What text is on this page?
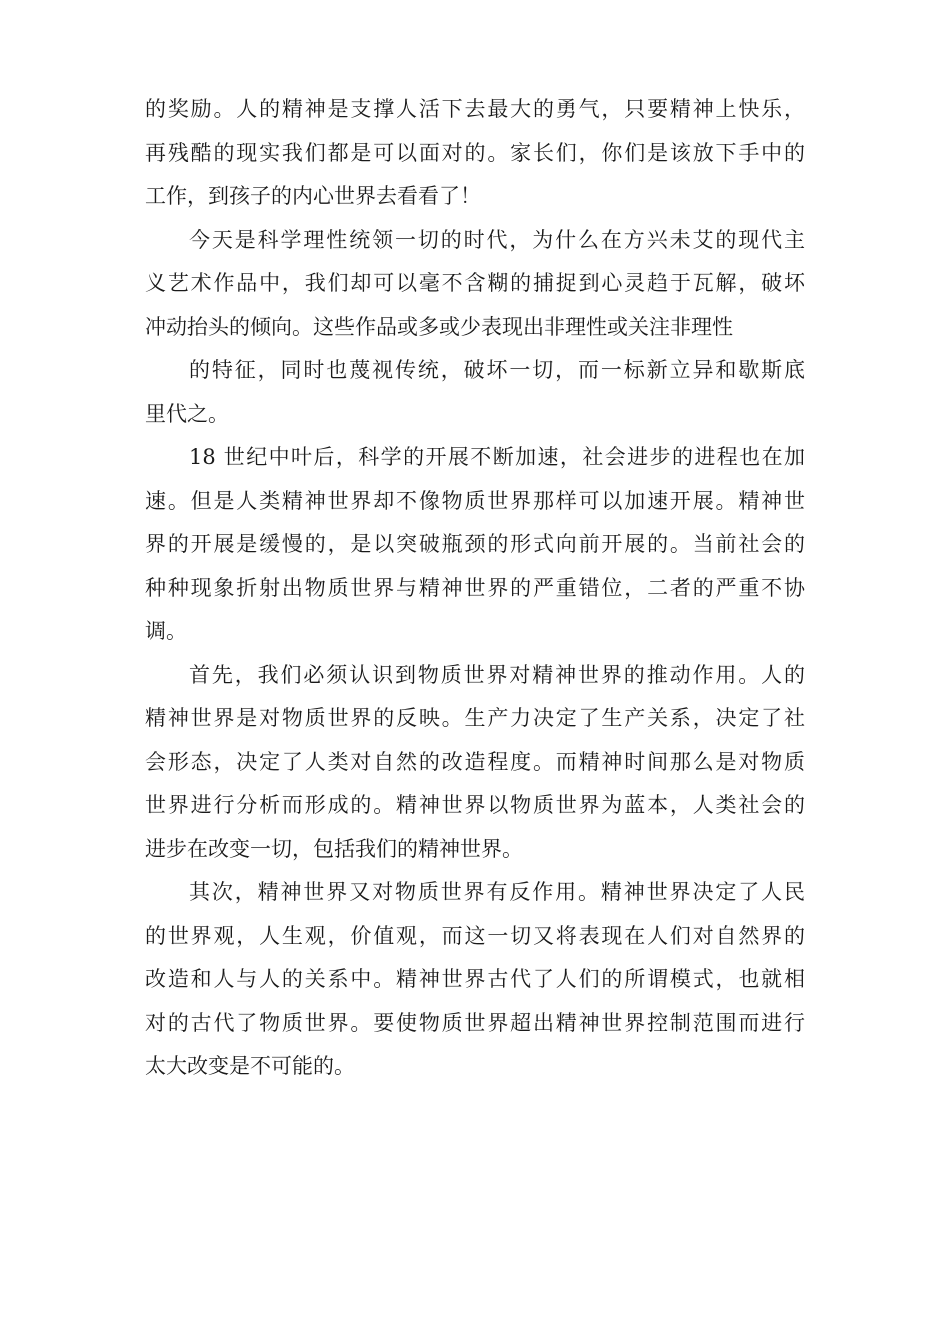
的奖励。人的精神是支撑人活下去最大的勇气，只要精神上快乐，
再残酷的现实我们都是可以面对的。家长们，你们是该放下手中的
工作，到孩子的内心世界去看看了！
今天是科学理性统领一切的时代，为什么在方兴未艾的现代主
义艺术作品中，我们却可以毫不含糊的捕捉到心灵趋于瓦解，破坏
冲动抬头的倾向。这些作品或多或少表现出非理性或关注非理性
的特征，同时也蔑视传统，破坏一切，而一标新立异和歇斯底
里代之。
18 世纪中叶后，科学的开展不断加速，社会进步的进程也在加
速。但是人类精神世界却不像物质世界那样可以加速开展。精神世
界的开展是缓慢的，是以突破瓶颈的形式向前开展的。当前社会的
种种现象折射出物质世界与精神世界的严重错位，二者的严重不协
调。
首先，我们必须认识到物质世界对精神世界的推动作用。人的
精神世界是对物质世界的反映。生产力决定了生产关系，决定了社
会形态，决定了人类对自然的改造程度。而精神时间那么是对物质
世界进行分析而形成的。精神世界以物质世界为蓝本，人类社会的
进步在改变一切，包括我们的精神世界。
其次，精神世界又对物质世界有反作用。精神世界决定了人民
的世界观，人生观，价值观，而这一切又将表现在人们对自然界的
改造和人与人的关系中。精神世界古代了人们的所谓模式，也就相
对的古代了物质世界。要使物质世界超出精神世界控制范围而进行
太大改变是不可能的。
